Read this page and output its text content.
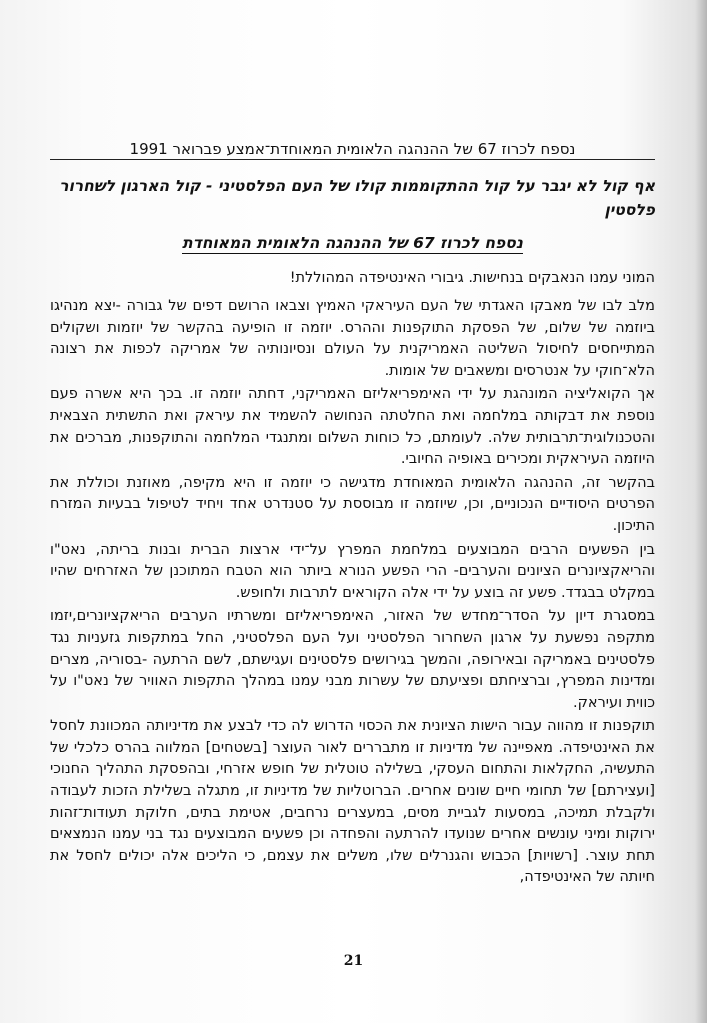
נספח לכרוז 67 של ההנהגה הלאומית המאוחדת־אמצע פברואר 1991
אף קול לא יגבר על קול ההתקוממות קולו של העם הפלסטיני - קול הארגון לשחרור פלסטין
נספח לכרוז 67 של ההנהגה הלאומית המאוחדת
המוני עמנו הנאבקים בנחישות. גיבורי האינטיפדה המהוללת!

מלב לבו של מאבקו האגדתי של העם העיראקי האמיץ וצבאו הרושם דפים של גבורה -יצא מנהיגו ביוזמה של שלום, של הפסקת התוקפנות וההרס. יוזמה זו הופיעה בהקשר של יוזמות ושקולים המתייחסים לחיסול השליטה האמריקנית על העולם ונסיונותיה של אמריקה לכפות את רצונה הלא־חוקי על אנטרסים ומשאבים של אומות.

אך הקואליציה המונהגת על ידי האימפריאליזם האמריקני, דחתה יוזמה זו. בכך היא אשרה פעם נוספת את דבקותה במלחמה ואת החלטתה הנחושה להשמיד את עיראק ואת התשתית הצבאית והטכנולוגית־תרבותית שלה. לעומתם, כל כוחות השלום ומתנגדי המלחמה והתוקפנות, מברכים את היוזמה העיראקית ומכירים באופיה החיובי.

בהקשר זה, ההנהגה הלאומית המאוחדת מדגישה כי יוזמה זו היא מקיפה, מאוזנת וכוללת את הפרטים היסודיים הנכוניים, וכן, שיוזמה זו מבוססת על סטנדרט אחד ויחיד לטיפול בבעיות המזרח התיכון.

בין הפשעים הרבים המבוצעים במלחמת המפרץ על־ידי ארצות הברית ובנות בריתה, נאט"ו והריאקציונרים הציונים והערבים- הרי הפשע הנורא ביותר הוא הטבח המתוכנן של האזרחים שהיו במקלט בבגדד. פשע זה בוצע על ידי אלה הקוראים לתרבות ולחופש.

במסגרת דיון על הסדר־מחדש של האזור, האימפריאליזם ומשרתיו הערבים הריאקציונרים,יזמו מתקפה נפשעת על ארגון השחרור הפלסטיני ועל העם הפלסטיני, החל במתקפות גזעניות נגד פלסטינים באמריקה ובאירופה, והמשך בגירושים פלסטינים ועגישתם, לשם הרתעה -בסוריה, מצרים ומדינות המפרץ, וברציחתם ופציעתם של עשרות מבני עמנו במהלך התקפות האוויר של נאט"ו על כווית ועיראק.

תוקפנות זו מהווה עבור הישות הציונית את הכסוי הדרוש לה כדי לבצע את מדיניותה המכוונת לחסל את האינטיפדה. מאפיינה של מדיניות זו מתבררים לאור העוצר [בשטחים] המלווה בהרס כלכלי של התעשיה, החקלאות והתחום העסקי, בשלילה טוטלית של חופש אזרחי, ובהפסקת התהליך החנוכי [ועצירתם] של תחומי חיים שונים אחרים. הברוטליות של מדיניות זו, מתגלה בשלילת הזכות לעבודה ולקבלת תמיכה, במסעות לגביית מסים, במעצרים נרחבים, אטימת בתים, חלוקת תעודות־זהות ירוקות ומיני עונשים אחרים שנועדו להרתעה והפחדה וכן פשעים המבוצעים נגד בני עמנו הנמצאים תחת עוצר. [רשויות] הכבוש והגנרלים שלו, משלים את עצמם, כי הליכים אלה יכולים לחסל את חיותה של האינטיפדה,

21
